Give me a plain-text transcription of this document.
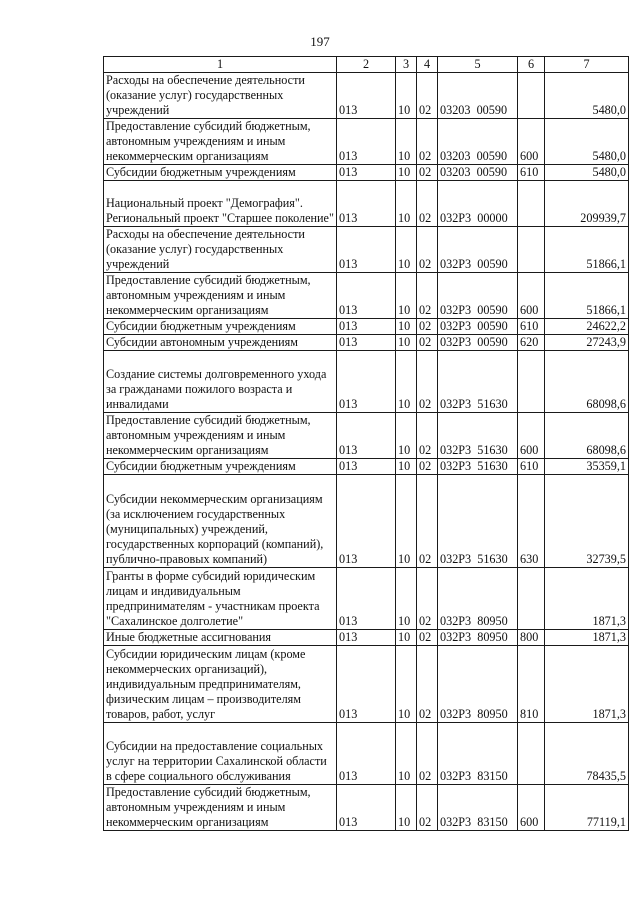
197
1	2	3	4	5	6	7
Расходы на обеспечение деятельности (оказание услуг) государственных учреждений	013	10	02	03203  00590		5480,0
Предоставление субсидий бюджетным, автономным учреждениям и иным некоммерческим организациям	013	10	02	03203  00590	600	5480,0
Субсидии бюджетным учреждениям	013	10	02	03203  00590	610	5480,0
Национальный проект "Демография". Региональный проект "Старшее поколение"	013	10	02	032P3  00000		209939,7
Расходы на обеспечение деятельности (оказание услуг) государственных учреждений	013	10	02	032P3  00590		51866,1
Предоставление субсидий бюджетным, автономным учреждениям и иным некоммерческим организациям	013	10	02	032P3  00590	600	51866,1
Субсидии бюджетным учреждениям	013	10	02	032P3  00590	610	24622,2
Субсидии автономным учреждениям	013	10	02	032P3  00590	620	27243,9
Создание системы долговременного ухода за гражданами пожилого возраста и инвалидами	013	10	02	032P3  51630		68098,6
Предоставление субсидий бюджетным, автономным учреждениям и иным некоммерческим организациям	013	10	02	032P3  51630	600	68098,6
Субсидии бюджетным учреждениям	013	10	02	032P3  51630	610	35359,1
Субсидии некоммерческим организациям (за исключением государственных (муниципальных) учреждений, государственных корпораций (компаний), публично-правовых компаний)	013	10	02	032P3  51630	630	32739,5
Гранты в форме субсидий юридическим лицам и индивидуальным предпринимателям - участникам проекта "Сахалинское долголетие"	013	10	02	032P3  80950		1871,3
Иные бюджетные ассигнования	013	10	02	032P3  80950	800	1871,3
Субсидии юридическим лицам (кроме некоммерческих организаций), индивидуальным предпринимателям, физическим лицам – производителям товаров, работ, услуг	013	10	02	032P3  80950	810	1871,3
Субсидии на предоставление социальных услуг на территории Сахалинской области в сфере социального обслуживания	013	10	02	032P3  83150		78435,5
Предоставление субсидий бюджетным, автономным учреждениям и иным некоммерческим организациям	013	10	02	032P3  83150	600	77119,1
